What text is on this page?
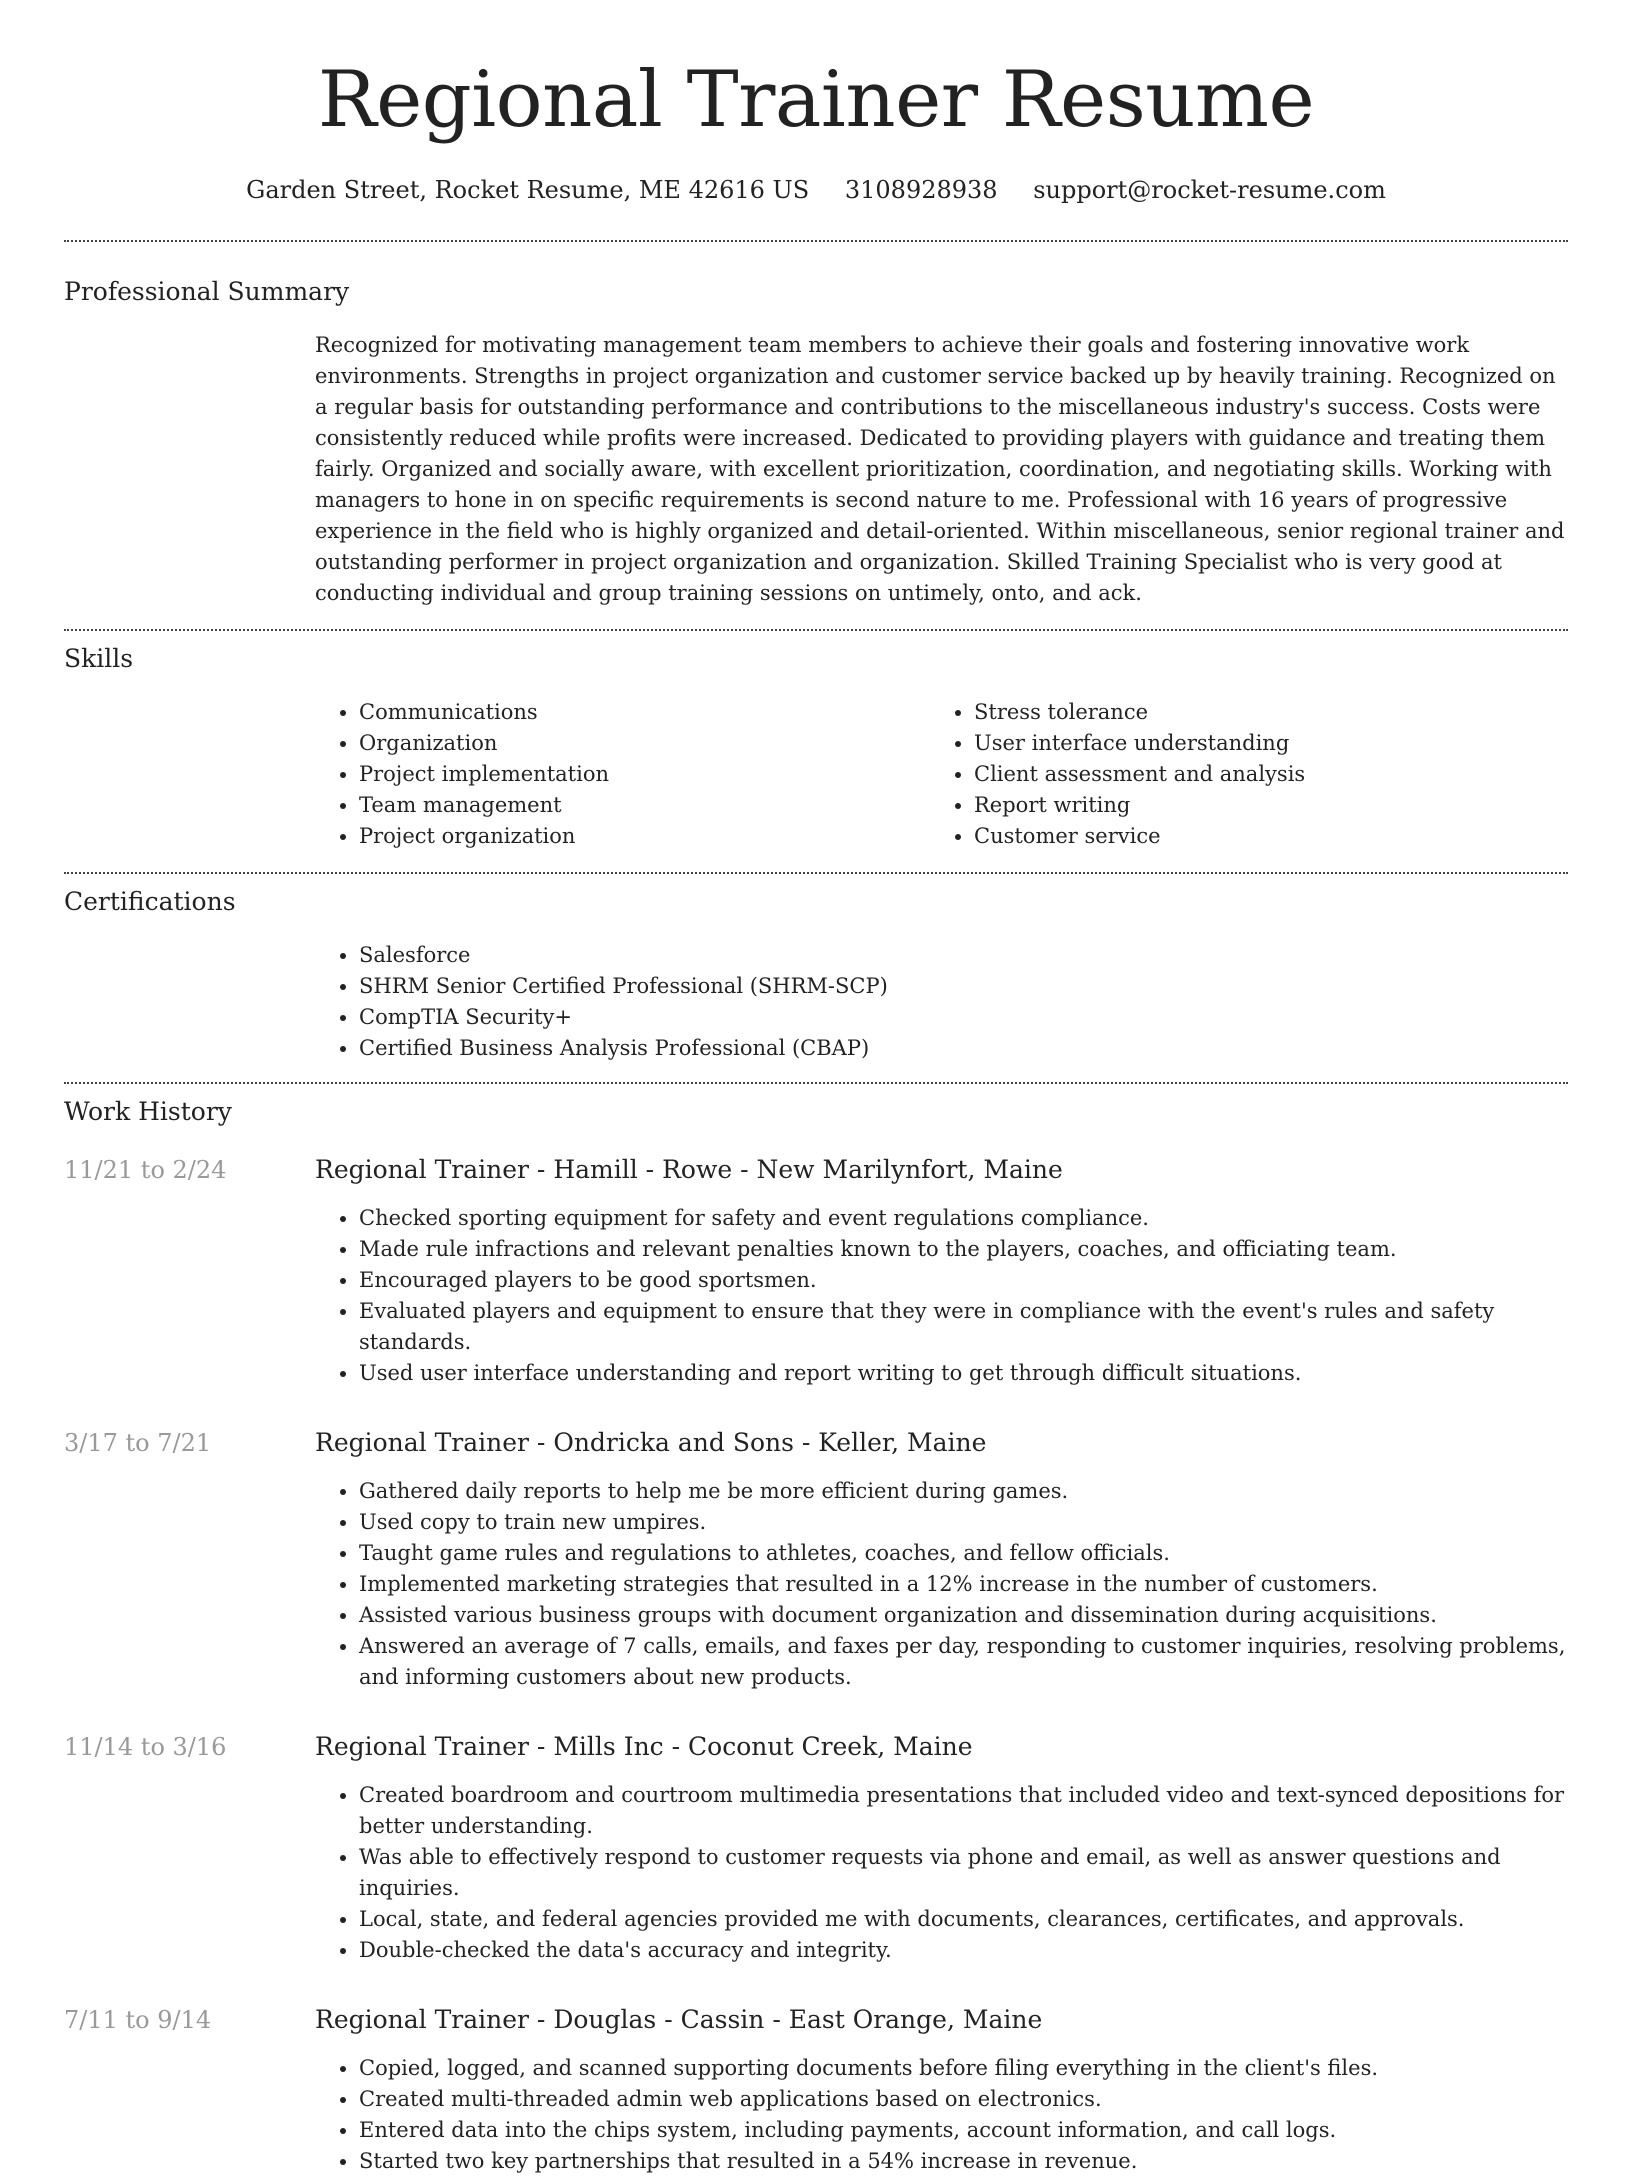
Regional Trainer Resume
Garden Street, Rocket Resume, ME 42616 US 3108928938 support@rocket-resume.com
Professional Summary

Recognized for motivating management team members to achieve their goals and fostering innovative work environments. Strengths in project organization and customer service backed up by heavily training. Recognized on a regular basis for outstanding performance and contributions to the miscellaneous industry's success. Costs were consistently reduced while profits were increased. Dedicated to providing players with guidance and treating them fairly. Organized and socially aware, with excellent prioritization, coordination, and negotiating skills. Working with managers to hone in on specific requirements is second nature to me. Professional with 16 years of progressive experience in the field who is highly organized and detail-oriented. Within miscellaneous, senior regional trainer and outstanding performer in project organization and organization. Skilled Training Specialist who is very good at conducting individual and group training sessions on untimely, onto, and ack.

Skills
• Communications
• Organization
• Project implementation
• Team management
• Project organization
• Stress tolerance
• User interface understanding
• Client assessment and analysis
• Report writing
• Customer service
Certifications
• Salesforce
• SHRM Senior Certified Professional (SHRM-SCP)
• CompTIA Security+
• Certified Business Analysis Professional (CBAP)
Work History
11/21 to 2/24	Regional Trainer - Hamill - Rowe - New Marilynfort, Maine
• Checked sporting equipment for safety and event regulations compliance.
• Made rule infractions and relevant penalties known to the players, coaches, and officiating team.
• Encouraged players to be good sportsmen.
• Evaluated players and equipment to ensure that they were in compliance with the event's rules and safety standards.
• Used user interface understanding and report writing to get through difficult situations.
3/17 to 7/21	Regional Trainer - Ondricka and Sons - Keller, Maine
• Gathered daily reports to help me be more efficient during games.
• Used copy to train new umpires.
• Taught game rules and regulations to athletes, coaches, and fellow officials.
• Implemented marketing strategies that resulted in a 12% increase in the number of customers.
• Assisted various business groups with document organization and dissemination during acquisitions.
• Answered an average of 7 calls, emails, and faxes per day, responding to customer inquiries, resolving problems, and informing customers about new products.
11/14 to 3/16	Regional Trainer - Mills Inc - Coconut Creek, Maine
• Created boardroom and courtroom multimedia presentations that included video and text-synced depositions for better understanding.
• Was able to effectively respond to customer requests via phone and email, as well as answer questions and inquiries.
• Local, state, and federal agencies provided me with documents, clearances, certificates, and approvals.
• Double-checked the data's accuracy and integrity.
7/11 to 9/14	Regional Trainer - Douglas - Cassin - East Orange, Maine
• Copied, logged, and scanned supporting documents before filing everything in the client's files.
• Created multi-threaded admin web applications based on electronics.
• Entered data into the chips system, including payments, account information, and call logs.
• Started two key partnerships that resulted in a 54% increase in revenue.
